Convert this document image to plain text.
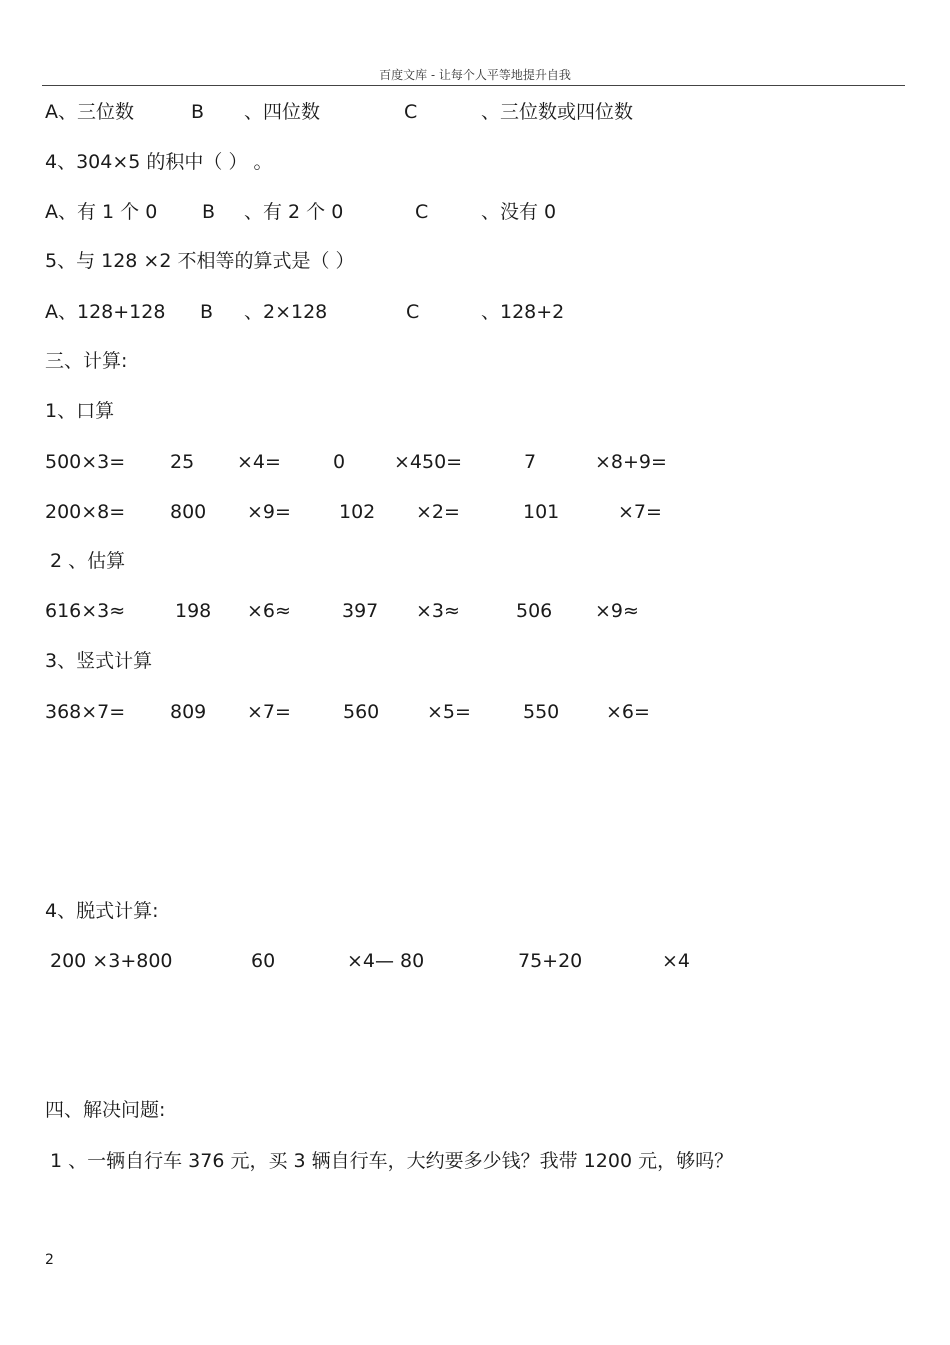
百度文库 - 让每个人平等地提升自我
A、三位数	B 、四位数	C	、三位数或四位数
4、304×5 的积中（ ） 。
A、有 1 个 0 B 、有 2 个 0	C	、没有 0
5、与 128 ×2 不相等的算式是（ ）
A、128+128 B 、2×128	C	、128+2
三、计算:
1、口算
500×3= 25 ×4=	0	×450=	7	×8+9=
200×8= 800 ×9=	102 ×2=	101	×7=
2 、估算
616×3≈	198 ×6≈	397 ×3≈	506 ×9≈
3、竖式计算
368×7= 809 ×7=	560	×5=	550 ×6=
4、脱式计算:
200 ×3+800	60	×4— 80	75+20	×4
四、解决问题:
1 、一辆自行车 376 元，买 3 辆自行车，大约要多少钱？我带 1200 元，够吗？
2
